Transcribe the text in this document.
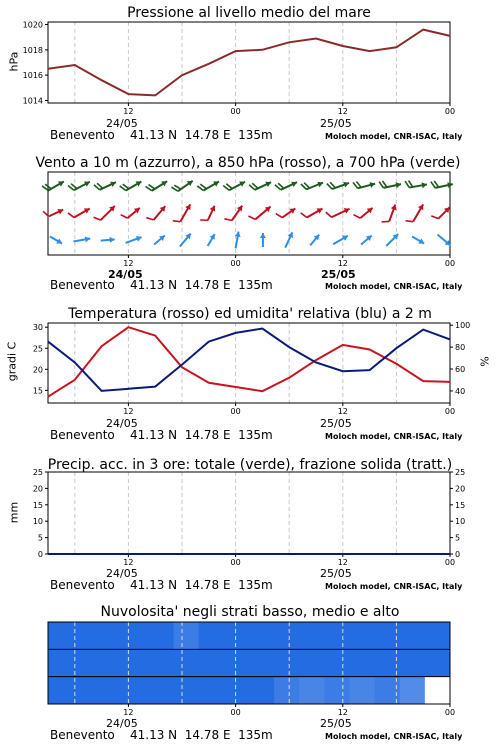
Pressione al livello medio del mare
hPa
12	00	12	00
1014
1016
1018
1020
12	00	12	00
12	00	12	00
15
20
25
30
40
60
80
100
12	00	12	00
0
5
10
15
20
25
0
5
10
15
20
25
12	00	12	00
24/05	25/05
Benevento    41.13 N  14.78 E  135m	Moloch model, CNR-ISAC, Italy
Vento a 10 m (azzurro), a 850 hPa (rosso), a 700 hPa (verde)
24/05	25/05
Benevento    41.13 N  14.78 E  135m	Moloch model, CNR-ISAC, Italy
Temperatura (rosso) ed umidita' relativa (blu) a 2 m
gradi C	%
24/05	25/05
Benevento    41.13 N  14.78 E  135m	Moloch model, CNR-ISAC, Italy
Precip. acc. in 3 ore: totale (verde), frazione solida (tratt.)
mm
24/05	25/05
Benevento    41.13 N  14.78 E  135m	Moloch model, CNR-ISAC, Italy
Nuvolosita' negli strati basso, medio e alto
24/05	25/05
Benevento    41.13 N  14.78 E  135m	Moloch model, CNR-ISAC, Italy
